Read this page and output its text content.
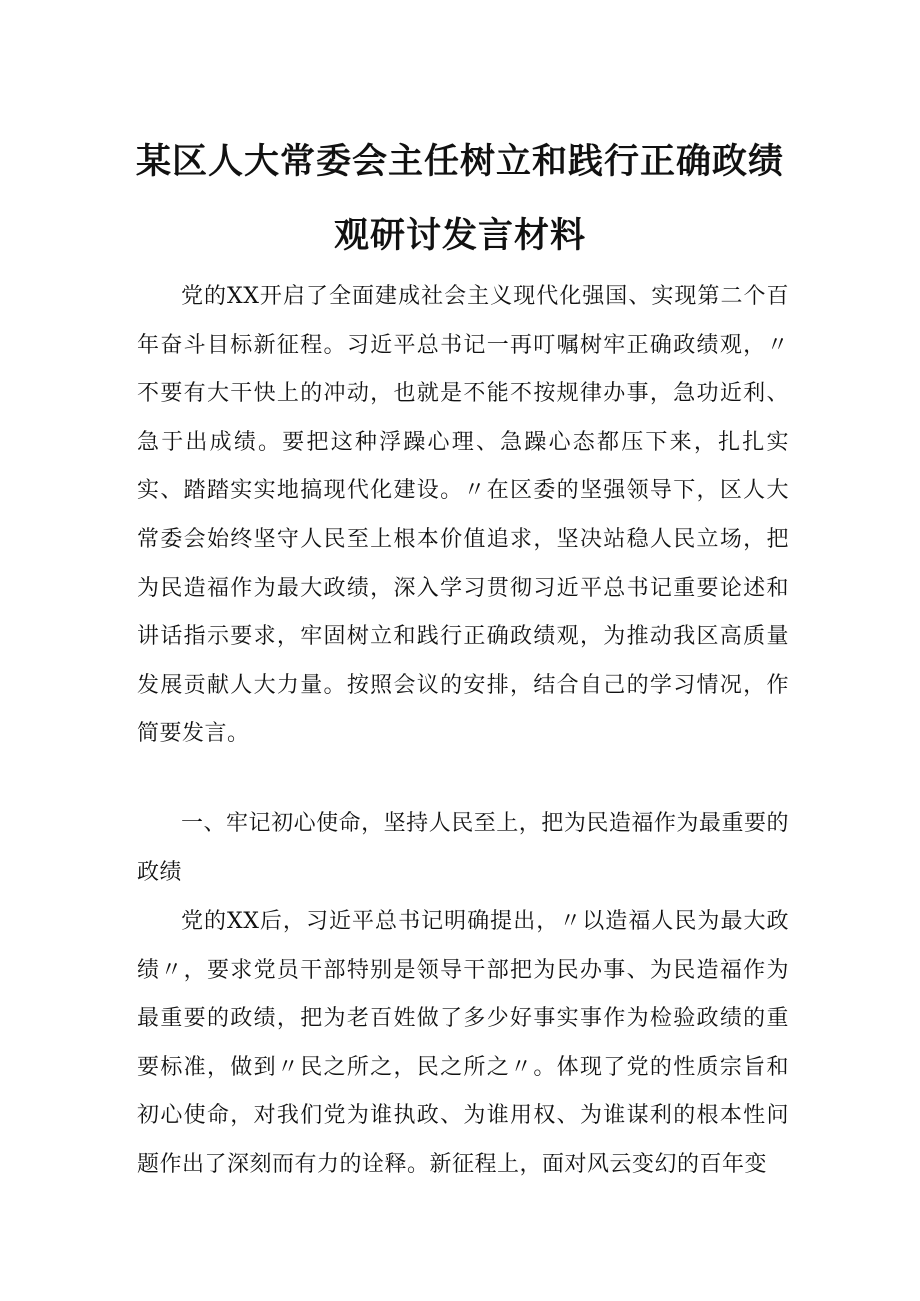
某区人大常委会主任树立和践行正确政绩
观研讨发言材料

党的XX开启了全面建成社会主义现代化强国、实现第二个百年奋斗目标新征程。习近平总书记一再叮嘱树牢正确政绩观，〃不要有大干快上的冲动，也就是不能不按规律办事，急功近利、急于出成绩。要把这种浮躁心理、急躁心态都压下来，扎扎实实、踏踏实实地搞现代化建设。〃在区委的坚强领导下，区人大常委会始终坚守人民至上根本价值追求，坚决站稳人民立场，把为民造福作为最大政绩，深入学习贯彻习近平总书记重要论述和讲话指示要求，牢固树立和践行正确政绩观，为推动我区高质量发展贡献人大力量。按照会议的安排，结合自己的学习情况，作简要发言。

一、牢记初心使命，坚持人民至上，把为民造福作为最重要的政绩

党的XX后，习近平总书记明确提出，〃以造福人民为最大政绩〃，要求党员干部特别是领导干部把为民办事、为民造福作为最重要的政绩，把为老百姓做了多少好事实事作为检验政绩的重要标准，做到〃民之所之，民之所之〃。体现了党的性质宗旨和初心使命，对我们党为谁执政、为谁用权、为谁谋利的根本性问题作出了深刻而有力的诠释。新征程上，面对风云变幻的百年变
